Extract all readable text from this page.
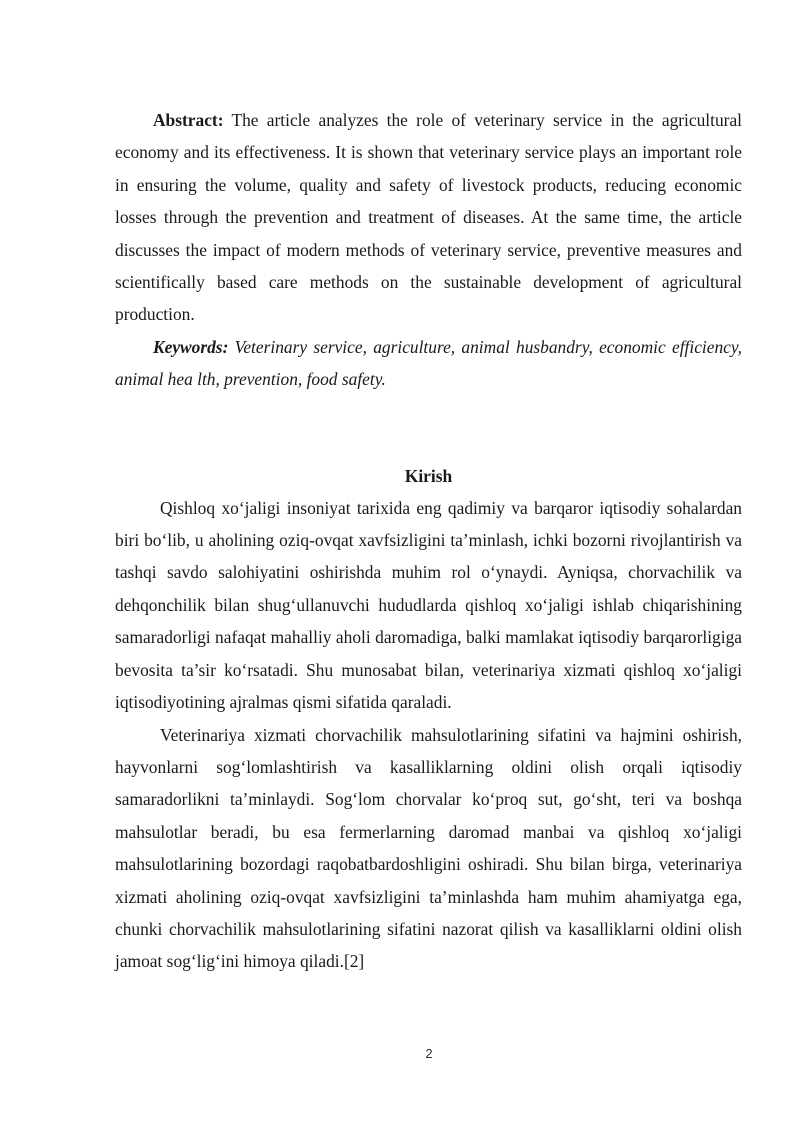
Abstract: The article analyzes the role of veterinary service in the agricultural economy and its effectiveness. It is shown that veterinary service plays an important role in ensuring the volume, quality and safety of livestock products, reducing economic losses through the prevention and treatment of diseases. At the same time, the article discusses the impact of modern methods of veterinary service, preventive measures and scientifically based care methods on the sustainable development of agricultural production.

Keywords: Veterinary service, agriculture, animal husbandry, economic efficiency, animal hea lth, prevention, food safety.

Kirish

Qishloq xo‘jaligi insoniyat tarixida eng qadimiy va barqaror iqtisodiy sohalardan biri bo‘lib, u aholining oziq-ovqat xavfsizligini ta’minlash, ichki bozorni rivojlantirish va tashqi savdo salohiyatini oshirishda muhim rol o‘ynaydi. Ayniqsa, chorvachilik va dehqonchilik bilan shug‘ullanuvchi hududlarda qishloq xo‘jaligi ishlab chiqarishining samaradorligi nafaqat mahalliy aholi daromadiga, balki mamlakat iqtisodiy barqarorligiga bevosita ta’sir ko‘rsatadi. Shu munosabat bilan, veterinariya xizmati qishloq xo‘jaligi iqtisodiyotining ajralmas qismi sifatida qaraladi.

Veterinariya xizmati chorvachilik mahsulotlarining sifatini va hajmini oshirish, hayvonlarni sog‘lomlashtirish va kasalliklarning oldini olish orqali iqtisodiy samaradorlikni ta’minlaydi. Sog‘lom chorvalar ko‘proq sut, go‘sht, teri va boshqa mahsulotlar beradi, bu esa fermerlarning daromad manbai va qishloq xo‘jaligi mahsulotlarining bozordagi raqobatbardoshligini oshiradi. Shu bilan birga, veterinariya xizmati aholining oziq-ovqat xavfsizligini ta’minlashda ham muhim ahamiyatga ega, chunki chorvachilik mahsulotlarining sifatini nazorat qilish va kasalliklarni oldini olish jamoat sog‘lig‘ini himoya qiladi.[2]

2
